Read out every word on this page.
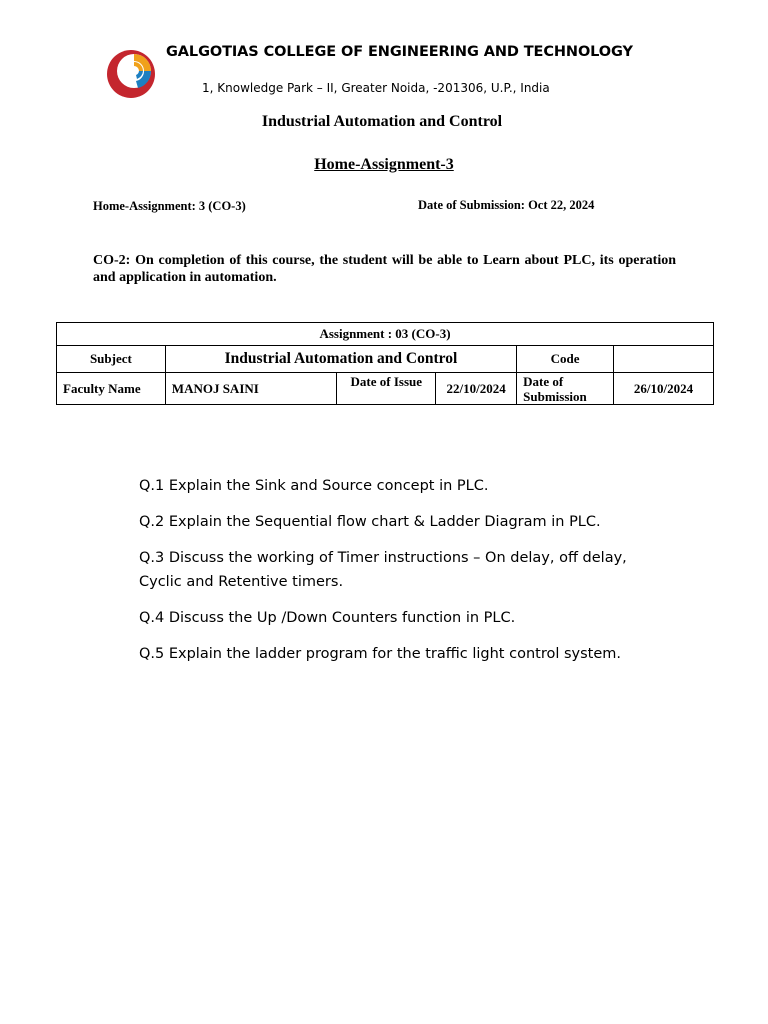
GALGOTIAS COLLEGE OF ENGINEERING AND TECHNOLOGY
1, Knowledge Park – II, Greater Noida, -201306, U.P., India
Industrial Automation and Control
Home-Assignment-3
Home-Assignment: 3 (CO-3)	Date of Submission: Oct 22, 2024
CO-2: On completion of this course, the student will be able to Learn about PLC, its operation and application in automation.
Assignment : 03 (CO-3)					
Subject	Industrial Automation and Control			Code	
Faculty Name	MANOJ SAINI	Date of Issue	22/10/2024	Date of Submission	26/10/2024

Q.1 Explain the Sink and Source concept in PLC.

Q.2 Explain the Sequential flow chart & Ladder Diagram in PLC.

Q.3 Discuss the working of Timer instructions – On delay, off delay, Cyclic and Retentive timers.

Q.4 Discuss the Up /Down Counters function in PLC.

Q.5 Explain the ladder program for the traffic light control system.
